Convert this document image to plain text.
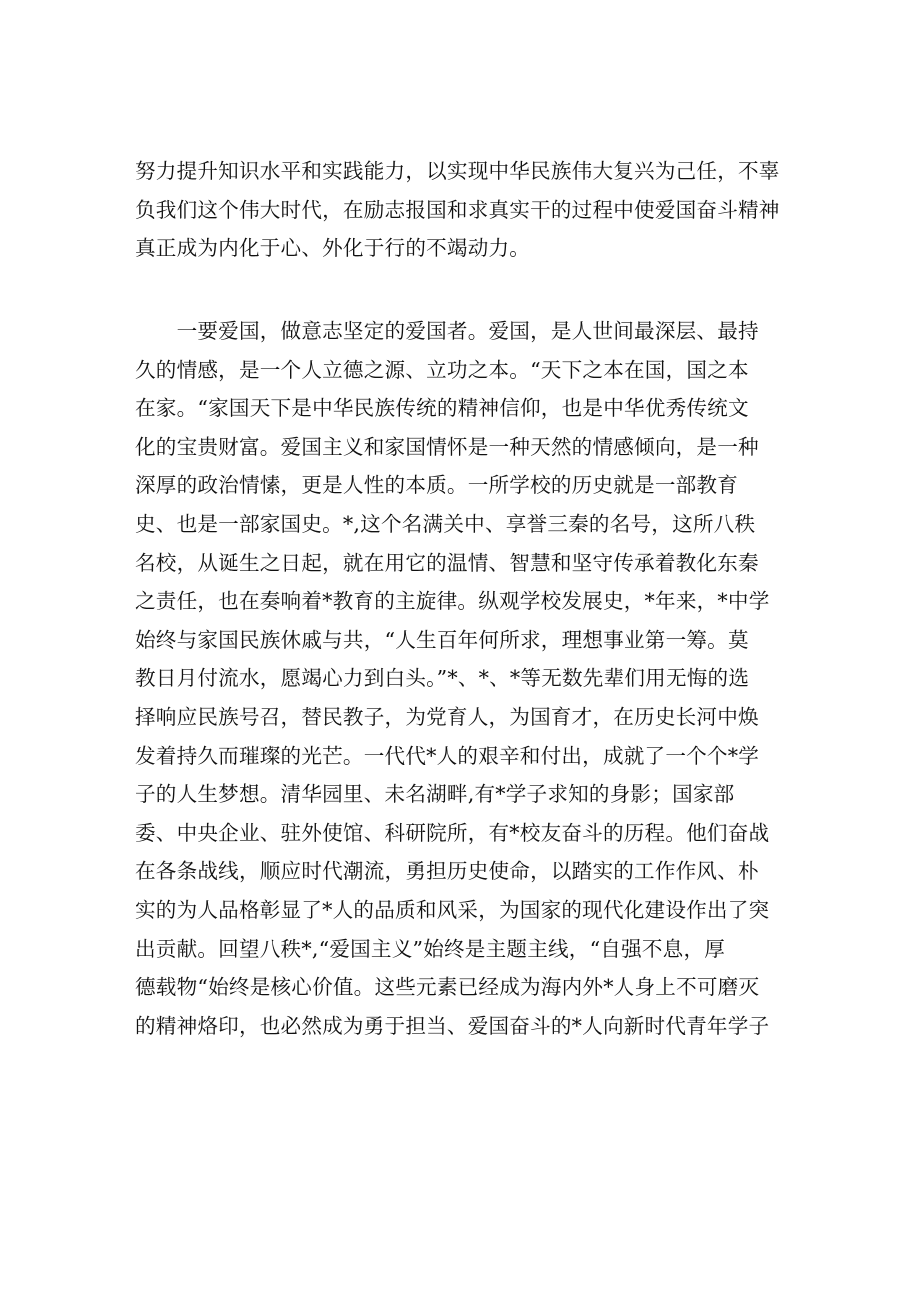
努力提升知识水平和实践能力，以实现中华民族伟大复兴为己任，不辜
负我们这个伟大时代，在励志报国和求真实干的过程中使爱国奋斗精神
真正成为内化于心、外化于行的不竭动力。
　　一要爱国，做意志坚定的爱国者。爱国，是人世间最深层、最持
久的情感，是一个人立德之源、立功之本。“天下之本在国，国之本
在家。“家国天下是中华民族传统的精神信仰，也是中华优秀传统文
化的宝贵财富。爱国主义和家国情怀是一种天然的情感倾向，是一种
深厚的政治情愫，更是人性的本质。一所学校的历史就是一部教育
史、也是一部家国史。*,这个名满关中、享誉三秦的名号，这所八秩
名校，从诞生之日起，就在用它的温情、智慧和坚守传承着教化东秦
之责任，也在奏响着*教育的主旋律。纵观学校发展史，*年来，*中学
始终与家国民族休戚与共，“人生百年何所求，理想事业第一筹。莫
教日月付流水，愿竭心力到白头。”*、*、*等无数先辈们用无悔的选
择响应民族号召，替民教子，为党育人，为国育才，在历史长河中焕
发着持久而璀璨的光芒。一代代*人的艰辛和付出，成就了一个个*学
子的人生梦想。清华园里、未名湖畔,有*学子求知的身影；国家部
委、中央企业、驻外使馆、科研院所，有*校友奋斗的历程。他们奋战
在各条战线，顺应时代潮流，勇担历史使命，以踏实的工作作风、朴
实的为人品格彰显了*人的品质和风采，为国家的现代化建设作出了突
出贡献。回望八秩*,“爱国主义”始终是主题主线，“自强不息，厚
德载物“始终是核心价值。这些元素已经成为海内外*人身上不可磨灭
的精神烙印，也必然成为勇于担当、爱国奋斗的*人向新时代青年学子
